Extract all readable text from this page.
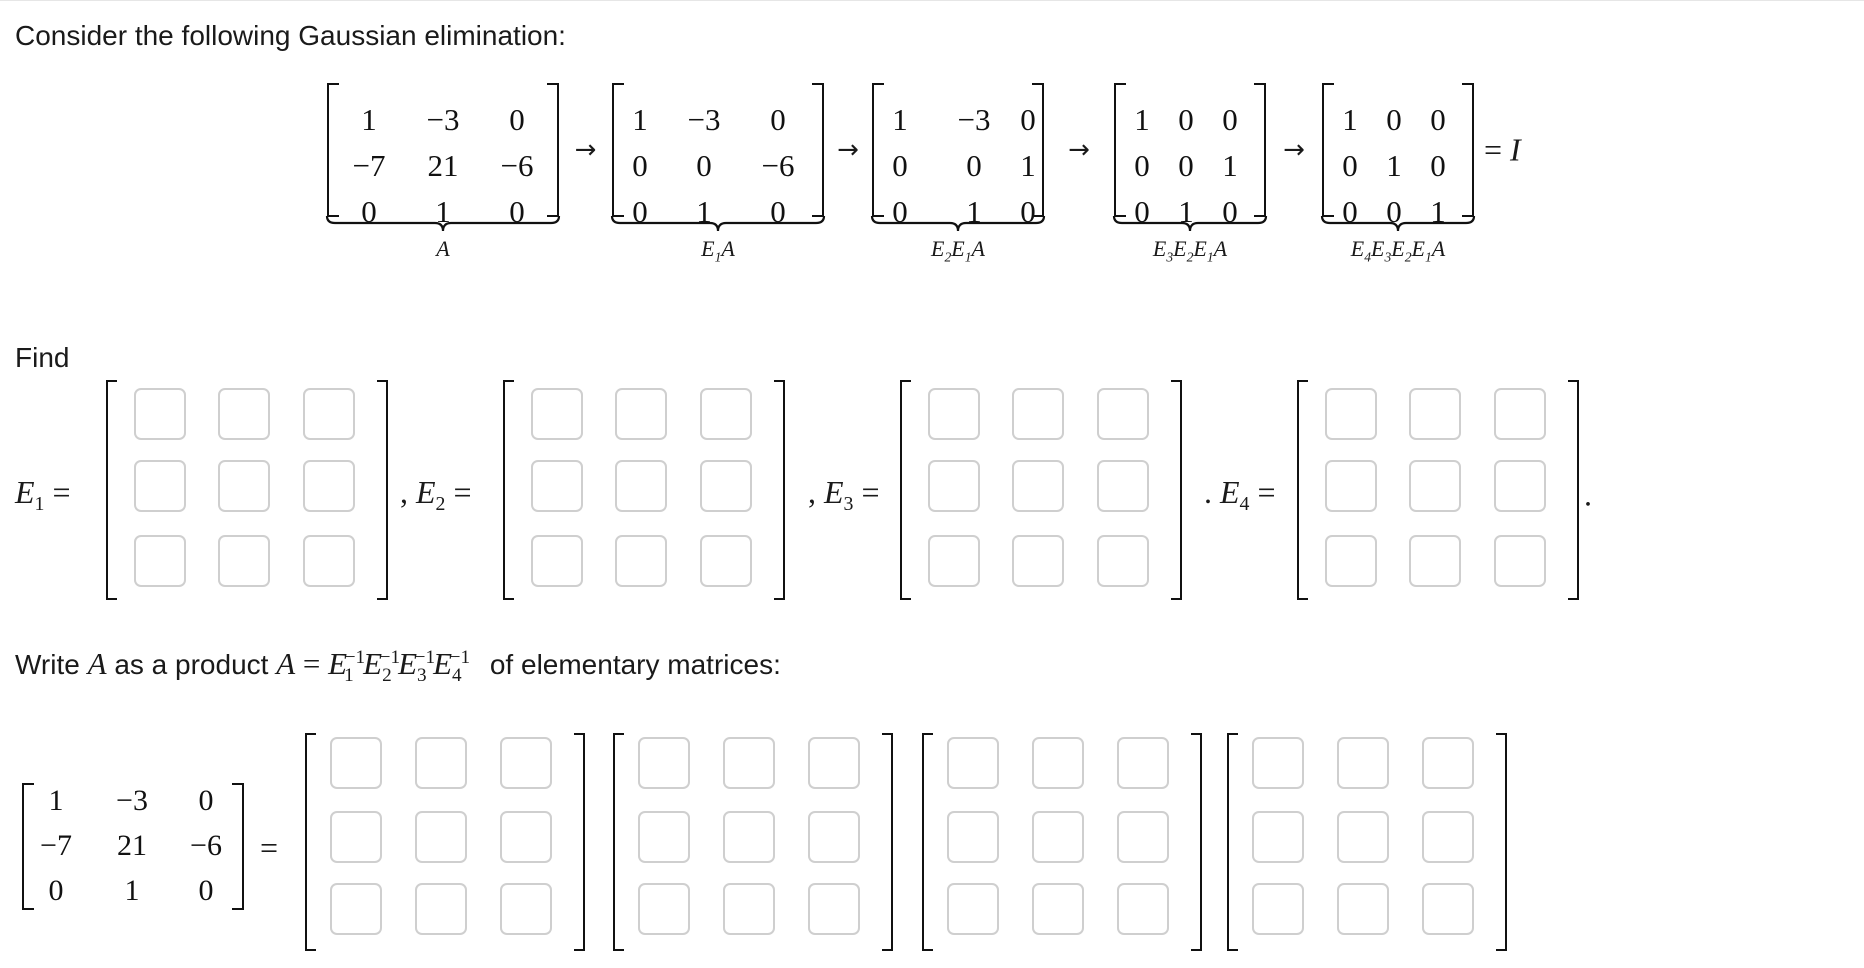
Consider the following Gaussian elimination:
1 −3 0
−7 21 −6
0 1 0
A
→
1 −3 0
0 0 −6
0 1 0
$E_1A$
→
1 −3 0
0 0 1
0 1 0
$E_2E_1A$
→
1 0 0
0 0 1
0 1 0
$E_3E_2E_1A$
→
1 0 0
0 1 0
0 0 1
$E_4E_3E_2E_1A$
= I
Find
$E_1$ =	, $E_2$ =	, $E_3$ =	. $E_4$ =	.
Write A as a product $A = E_1^{-1}E_2^{-1}E_3^{-1}E_4^{-1}$ of elementary matrices:
1 −3 0
−7 21 −6
0 1 0
=
